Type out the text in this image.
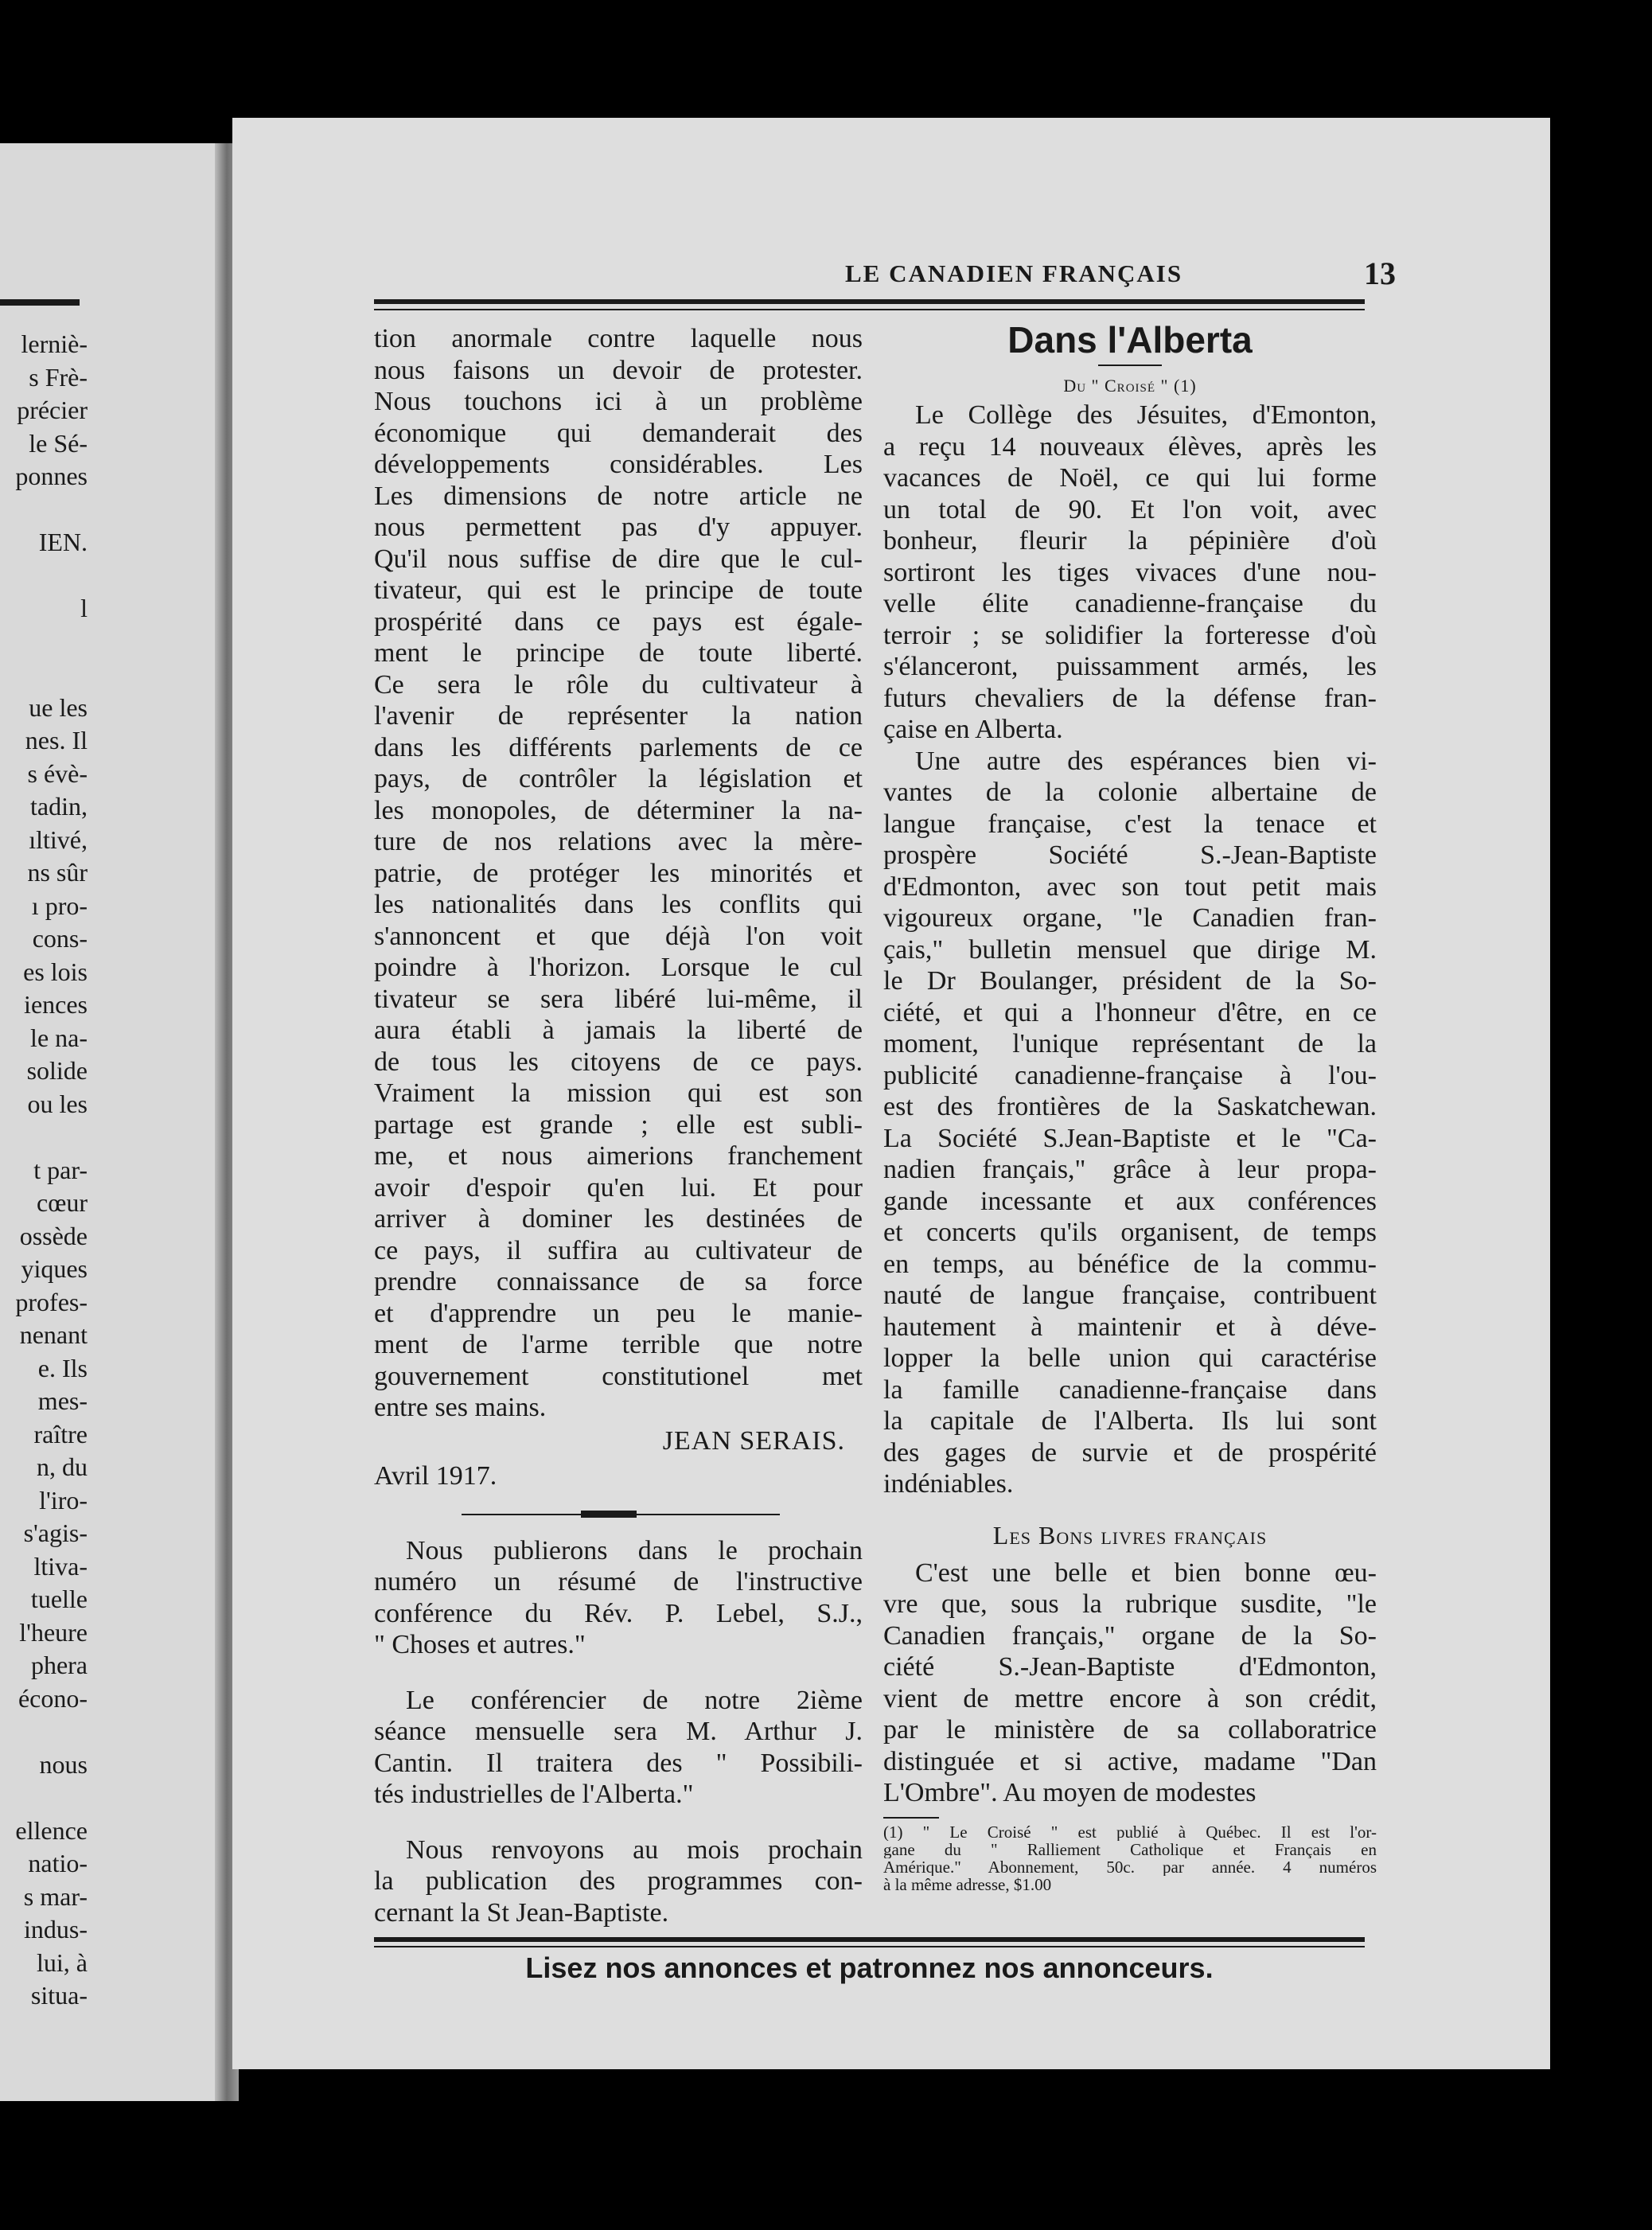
lerniè-
s Frè-
précier
le Sé-
ponnes
IEN.
l
ue les
nes. Il
s évè-
tadin,
ıltivé,
ns sûr
ı pro-
cons-
es lois
iences
le na-
solide
ou les
t par-
cœur
ossède
yiques
profes-
nenant
e. Ils
mes-
raître
n, du
l'iro-
s'agis-
ltiva-
tuelle
l'heure
phera
écono-
nous
ellence
natio-
s mar-
indus-
lui, à
situa-
LE CANADIEN FRANÇAIS	13
tion anormale contre laquelle nous
nous faisons un devoir de protester.
Nous touchons ici à un problème
économique qui demanderait des
développements considérables. Les
Les dimensions de notre article ne
nous permettent pas d'y appuyer.
Qu'il nous suffise de dire que le cul-
tivateur, qui est le principe de toute
prospérité dans ce pays est égale-
ment le principe de toute liberté.
Ce sera le rôle du cultivateur à
l'avenir de représenter la nation
dans les différents parlements de ce
pays, de contrôler la législation et
les monopoles, de déterminer la na-
ture de nos relations avec la mère-
patrie, de protéger les minorités et
les nationalités dans les conflits qui
s'annoncent et que déjà l'on voit
poindre à l'horizon. Lorsque le cul
tivateur se sera libéré lui-même, il
aura établi à jamais la liberté de
de tous les citoyens de ce pays.
Vraiment la mission qui est son
partage est grande ; elle est subli-
me, et nous aimerions franchement
avoir d'espoir qu'en lui. Et pour
arriver à dominer les destinées de
ce pays, il suffira au cultivateur de
prendre connaissance de sa force
et d'apprendre un peu le manie-
ment de l'arme terrible que notre
gouvernement constitutionel met
entre ses mains.
JEAN SERAIS.
Avril 1917.
Nous publierons dans le prochain
numéro un résumé de l'instructive
conférence du Rév. P. Lebel, S.J.,
" Choses et autres."
Le conférencier de notre 2ième
séance mensuelle sera M. Arthur J.
Cantin. Il traitera des " Possibili-
tés industrielles de l'Alberta."
Nous renvoyons au mois prochain
la publication des programmes con-
cernant la St Jean-Baptiste.
Dans l'Alberta
Du " Croisé " (1)
Le Collège des Jésuites, d'Emonton,
a reçu 14 nouveaux élèves, après les
vacances de Noël, ce qui lui forme
un total de 90. Et l'on voit, avec
bonheur, fleurir la pépinière d'où
sortiront les tiges vivaces d'une nou-
velle élite canadienne-française du
terroir ; se solidifier la forteresse d'où
s'élanceront, puissamment armés, les
futurs chevaliers de la défense fran-
çaise en Alberta.
Une autre des espérances bien vi-
vantes de la colonie albertaine de
langue française, c'est la tenace et
prospère Société S.-Jean-Baptiste
d'Edmonton, avec son tout petit mais
vigoureux organe, "le Canadien fran-
çais," bulletin mensuel que dirige M.
le Dr Boulanger, président de la So-
ciété, et qui a l'honneur d'être, en ce
moment, l'unique représentant de la
publicité canadienne-française à l'ou-
est des frontières de la Saskatchewan.
La Société S.Jean-Baptiste et le "Ca-
nadien français," grâce à leur propa-
gande incessante et aux conférences
et concerts qu'ils organisent, de temps
en temps, au bénéfice de la commu-
nauté de langue française, contribuent
hautement à maintenir et à déve-
lopper la belle union qui caractérise
la famille canadienne-française dans
la capitale de l'Alberta. Ils lui sont
des gages de survie et de prospérité
indéniables.
Les Bons livres français
C'est une belle et bien bonne œu-
vre que, sous la rubrique susdite, "le
Canadien français," organe de la So-
ciété S.-Jean-Baptiste d'Edmonton,
vient de mettre encore à son crédit,
par le ministère de sa collaboratrice
distinguée et si active, madame "Dan
L'Ombre". Au moyen de modestes
(1) " Le Croisé " est publié à Québec. Il est l'or-
gane du " Ralliement Catholique et Français en
Amérique." Abonnement, 50c. par année. 4 numéros
à la même adresse, $1.00
Lisez nos annonces et patronnez nos annonceurs.
